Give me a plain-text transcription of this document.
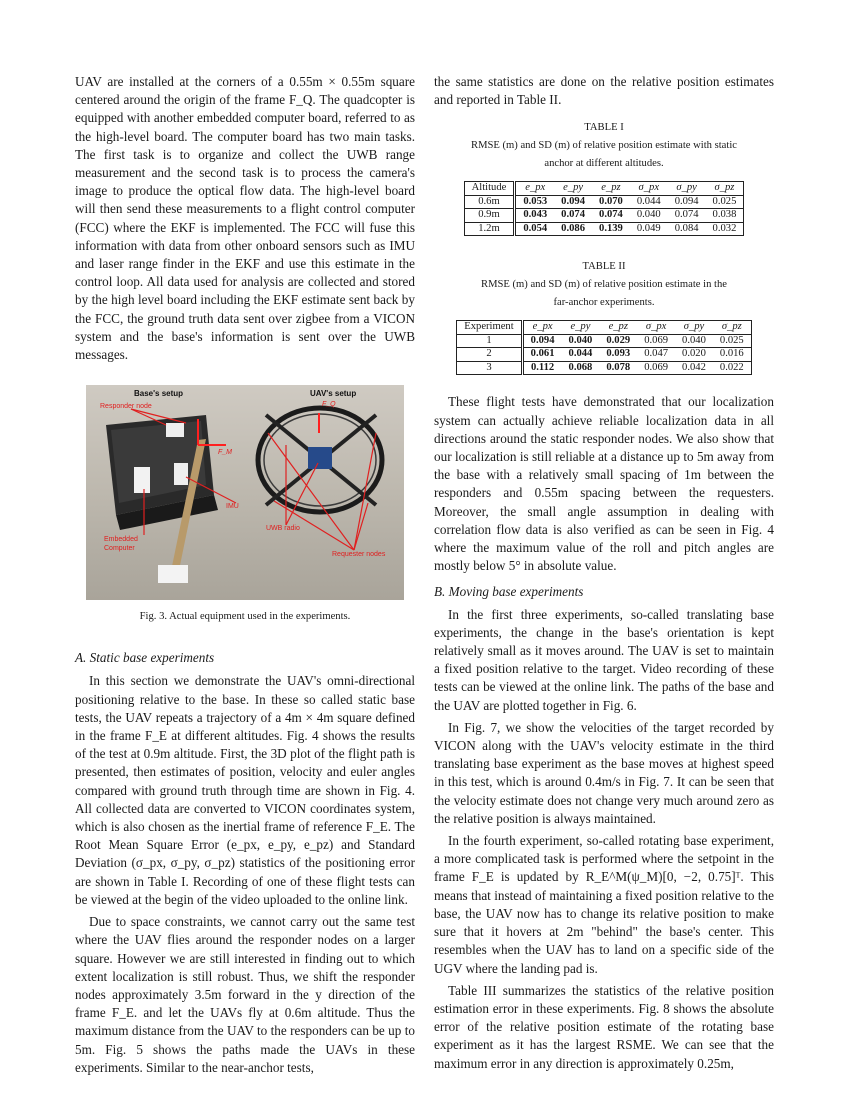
UAV are installed at the corners of a 0.55m × 0.55m square centered around the origin of the frame F_Q. The quadcopter is equipped with another embedded computer board, referred to as the high-level board. The computer board has two main tasks. The first task is to organize and collect the UWB range measurement and the second task is to process the camera's image to produce the optical flow data. The high-level board will then send these measurements to a flight control computer (FCC) where the EKF is implemented. The FCC will fuse this information with data from other onboard sensors such as IMU and laser range finder in the EKF and use this estimate in the control loop. All data used for analysis are collected and stored by the high level board including the EKF estimate sent back by the FCC, the ground truth data sent over zigbee from a VICON system and the base's information is sent over the UWB messages.

Base's setup	UAV's setup
Responder node	F_Q
F_M
IMU
Embedded Computer
UWB radio
Requester nodes
Fig. 3. Actual equipment used in the experiments.

A. Static base experiments

In this section we demonstrate the UAV's omni-directional positioning relative to the base. In these so called static base tests, the UAV repeats a trajectory of a 4m × 4m square defined in the frame F_E at different altitudes. Fig. 4 shows the results of the test at 0.9m altitude. First, the 3D plot of the flight path is presented, then estimates of position, velocity and euler angles compared with ground truth through time are shown in Fig. 4. All collected data are converted to VICON coordinates system, which is also chosen as the inertial frame of reference F_E. The Root Mean Square Error (e_px, e_py, e_pz) and Standard Deviation (σ_px, σ_py, σ_pz) statistics of the positioning error are shown in Table I. Recording of one of these flight tests can be viewed at the begin of the video uploaded to the online link.

Due to space constraints, we cannot carry out the same test where the UAV flies around the responder nodes on a larger square. However we are still interested in finding out to which extent localization is still robust. Thus, we shift the responder nodes approximately 3.5m forward in the y direction of the frame F_E. and let the UAVs fly at 0.6m altitude. Thus the maximum distance from the UAV to the responders can be up to 5m. Fig. 5 shows the paths made the UAVs in these experiments. Similar to the near-anchor tests,

the same statistics are done on the relative position estimates and reported in Table II.

TABLE I

RMSE (m) and SD (m) of relative position estimate with static

anchor at different altitudes.

Altitude	e_px	e_py	e_pz	σ_px	σ_py	σ_pz
0.6m	0.053	0.094	0.070	0.044	0.094	0.025
0.9m	0.043	0.074	0.074	0.040	0.074	0.038
1.2m	0.054	0.086	0.139	0.049	0.084	0.032

TABLE II

RMSE (m) and SD (m) of relative position estimate in the

far-anchor experiments.

Experiment	e_px	e_py	e_pz	σ_px	σ_py	σ_pz
1	0.094	0.040	0.029	0.069	0.040	0.025
2	0.061	0.044	0.093	0.047	0.020	0.016
3	0.112	0.068	0.078	0.069	0.042	0.022

These flight tests have demonstrated that our localization system can actually achieve reliable localization data in all directions around the static responder nodes. We also show that our localization is still reliable at a distance up to 5m away from the base with a relatively small spacing of 1m between the responders and 0.55m spacing between the requesters. Moreover, the small angle assumption in dealing with correlation flow data is also verified as can be seen in Fig. 4 where the maximum value of the roll and pitch angles are mostly below 5° in absolute value.

B. Moving base experiments

In the first three experiments, so-called translating base experiments, the change in the base's orientation is kept relatively small as it moves around. The UAV is set to maintain a fixed position relative to the target. Video recording of these tests can be viewed at the online link. The paths of the base and the UAV are plotted together in Fig. 6.

In Fig. 7, we show the velocities of the target recorded by VICON along with the UAV's velocity estimate in the third translating base experiment as the base moves at highest speed in this test, which is around 0.4m/s in Fig. 7. It can be seen that the velocity estimate does not change very much around zero as the relative position is always maintained.

In the fourth experiment, so-called rotating base experiment, a more complicated task is performed where the setpoint in the frame F_E is updated by R_E^M(ψ_M)[0, −2, 0.75]ᵀ. This means that instead of maintaining a fixed position relative to the base, the UAV now has to change its relative position to make sure that it hovers at 2m "behind" the base's center. This resembles when the UAV has to land on a specific side of the UGV where the landing pad is.

Table III summarizes the statistics of the relative position estimation error in these experiments. Fig. 8 shows the absolute error of the relative position estimate of the rotating base experiment as it has the largest RSME. We can see that the maximum error in any direction is approximately 0.25m,
